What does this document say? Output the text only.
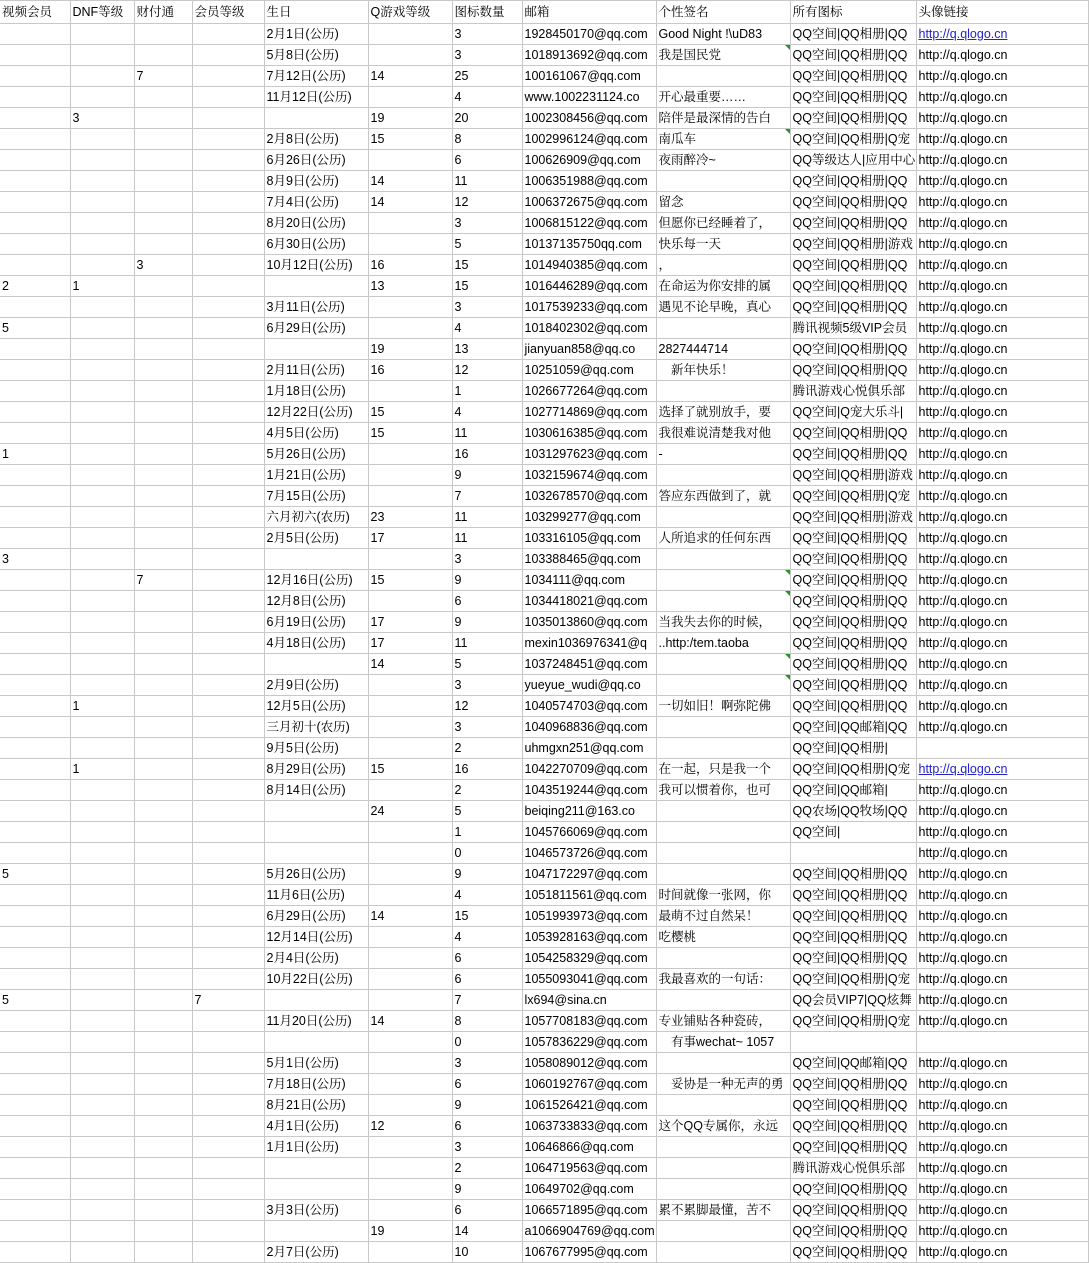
视频会员	DNF等级	财付通	会员等级	生日	Q游戏等级	图标数量	邮箱	个性签名	所有图标	头像链接
				2月1日(公历)		3	1928450170@qq.com	Good Night !\uD83	QQ空间|QQ相册|QQ	http://q.qlogo.cn
				5月8日(公历)		3	1018913692@qq.com	我是国民党	QQ空间|QQ相册|QQ	http://q.qlogo.cn
		7		7月12日(公历)	14	25	100161067@qq.com		QQ空间|QQ相册|QQ	http://q.qlogo.cn
				11月12日(公历)		4	www.1002231124.co	开心最重要……	QQ空间|QQ相册|QQ	http://q.qlogo.cn
	3				19	20	1002308456@qq.com	陪伴是最深情的告白	QQ空间|QQ相册|QQ	http://q.qlogo.cn
				2月8日(公历)	15	8	1002996124@qq.com	南瓜车	QQ空间|QQ相册|Q宠	http://q.qlogo.cn
				6月26日(公历)		6	100626909@qq.com	夜雨醉冷~	QQ等级达人|应用中心	http://q.qlogo.cn
				8月9日(公历)	14	11	1006351988@qq.com		QQ空间|QQ相册|QQ	http://q.qlogo.cn
				7月4日(公历)	14	12	1006372675@qq.com	留念	QQ空间|QQ相册|QQ	http://q.qlogo.cn
				8月20日(公历)		3	1006815122@qq.com	但愿你已经睡着了，	QQ空间|QQ相册|QQ	http://q.qlogo.cn
				6月30日(公历)		5	10137135750qq.com	快乐每一天	QQ空间|QQ相册|游戏	http://q.qlogo.cn
		3		10月12日(公历)	16	15	1014940385@qq.com	，	QQ空间|QQ相册|QQ	http://q.qlogo.cn
2	1				13	15	1016446289@qq.com	在命运为你安排的属	QQ空间|QQ相册|QQ	http://q.qlogo.cn
				3月11日(公历)		3	1017539233@qq.com	遇见不论早晚，真心	QQ空间|QQ相册|QQ	http://q.qlogo.cn
5				6月29日(公历)		4	1018402302@qq.com		腾讯视频5级VIP会员	http://q.qlogo.cn
					19	13	jianyuan858@qq.co	2827444714	QQ空间|QQ相册|QQ	http://q.qlogo.cn
				2月11日(公历)	16	12	10251059@qq.com	　新年快乐！	QQ空间|QQ相册|QQ	http://q.qlogo.cn
				1月18日(公历)		1	1026677264@qq.com		腾讯游戏心悦俱乐部	http://q.qlogo.cn
				12月22日(公历)	15	4	1027714869@qq.com	选择了就别放手，要	QQ空间|Q宠大乐斗|	http://q.qlogo.cn
				4月5日(公历)	15	11	1030616385@qq.com	我很难说清楚我对他	QQ空间|QQ相册|QQ	http://q.qlogo.cn
1				5月26日(公历)		16	1031297623@qq.com	-	QQ空间|QQ相册|QQ	http://q.qlogo.cn
				1月21日(公历)		9	1032159674@qq.com		QQ空间|QQ相册|游戏	http://q.qlogo.cn
				7月15日(公历)		7	1032678570@qq.com	答应东西做到了，就	QQ空间|QQ相册|Q宠	http://q.qlogo.cn
				六月初六(农历)	23	11	103299277@qq.com		QQ空间|QQ相册|游戏	http://q.qlogo.cn
				2月5日(公历)	17	11	103316105@qq.com	人所追求的任何东西	QQ空间|QQ相册|QQ	http://q.qlogo.cn
3						3	103388465@qq.com		QQ空间|QQ相册|QQ	http://q.qlogo.cn
		7		12月16日(公历)	15	9	1034111@qq.com		QQ空间|QQ相册|QQ	http://q.qlogo.cn
				12月8日(公历)		6	1034418021@qq.com		QQ空间|QQ相册|QQ	http://q.qlogo.cn
				6月19日(公历)	17	9	1035013860@qq.com	当我失去你的时候，	QQ空间|QQ相册|QQ	http://q.qlogo.cn
				4月18日(公历)	17	11	mexin1036976341@q	..http:/tem.taoba	QQ空间|QQ相册|QQ	http://q.qlogo.cn
					14	5	1037248451@qq.com		QQ空间|QQ相册|QQ	http://q.qlogo.cn
				2月9日(公历)		3	yueyue_wudi@qq.co		QQ空间|QQ相册|QQ	http://q.qlogo.cn
	1			12月5日(公历)		12	1040574703@qq.com	一切如旧！啊弥陀佛	QQ空间|QQ相册|QQ	http://q.qlogo.cn
				三月初十(农历)		3	1040968836@qq.com		QQ空间|QQ邮箱|QQ	http://q.qlogo.cn
				9月5日(公历)		2	uhmgxn251@qq.com		QQ空间|QQ相册|	
	1			8月29日(公历)	15	16	1042270709@qq.com	在一起，只是我一个	QQ空间|QQ相册|Q宠	http://q.qlogo.cn
				8月14日(公历)		2	1043519244@qq.com	我可以惯着你，也可	QQ空间|QQ邮箱|	http://q.qlogo.cn
					24	5	beiqing211@163.co		QQ农场|QQ牧场|QQ	http://q.qlogo.cn
						1	1045766069@qq.com		QQ空间|	http://q.qlogo.cn
						0	1046573726@qq.com			http://q.qlogo.cn
5				5月26日(公历)		9	1047172297@qq.com		QQ空间|QQ相册|QQ	http://q.qlogo.cn
				11月6日(公历)		4	1051811561@qq.com	时间就像一张网，你	QQ空间|QQ相册|QQ	http://q.qlogo.cn
				6月29日(公历)	14	15	1051993973@qq.com	最萌不过自然呆！	QQ空间|QQ相册|QQ	http://q.qlogo.cn
				12月14日(公历)		4	1053928163@qq.com	吃樱桃	QQ空间|QQ相册|QQ	http://q.qlogo.cn
				2月4日(公历)		6	1054258329@qq.com		QQ空间|QQ相册|QQ	http://q.qlogo.cn
				10月22日(公历)		6	1055093041@qq.com	我最喜欢的一句话：	QQ空间|QQ相册|Q宠	http://q.qlogo.cn
5			7			7	lx694@sina.cn		QQ会员VIP7|QQ炫舞	http://q.qlogo.cn
				11月20日(公历)	14	8	1057708183@qq.com	专业铺贴各种瓷砖，	QQ空间|QQ相册|Q宠	http://q.qlogo.cn
						0	1057836229@qq.com	　有事wechat~ 1057		
				5月1日(公历)		3	1058089012@qq.com		QQ空间|QQ邮箱|QQ	http://q.qlogo.cn
				7月18日(公历)		6	1060192767@qq.com	　妥协是一种无声的勇	QQ空间|QQ相册|QQ	http://q.qlogo.cn
				8月21日(公历)		9	1061526421@qq.com		QQ空间|QQ相册|QQ	http://q.qlogo.cn
				4月1日(公历)	12	6	1063733833@qq.com	这个QQ专属你，永远	QQ空间|QQ相册|QQ	http://q.qlogo.cn
				1月1日(公历)		3	10646866@qq.com		QQ空间|QQ相册|QQ	http://q.qlogo.cn
						2	1064719563@qq.com		腾讯游戏心悦俱乐部	http://q.qlogo.cn
						9	10649702@qq.com		QQ空间|QQ相册|QQ	http://q.qlogo.cn
				3月3日(公历)		6	1066571895@qq.com	累不累脚最懂，苦不	QQ空间|QQ相册|QQ	http://q.qlogo.cn
					19	14	a1066904769@qq.com		QQ空间|QQ相册|QQ	http://q.qlogo.cn
				2月7日(公历)		10	1067677995@qq.com		QQ空间|QQ相册|QQ	http://q.qlogo.cn
